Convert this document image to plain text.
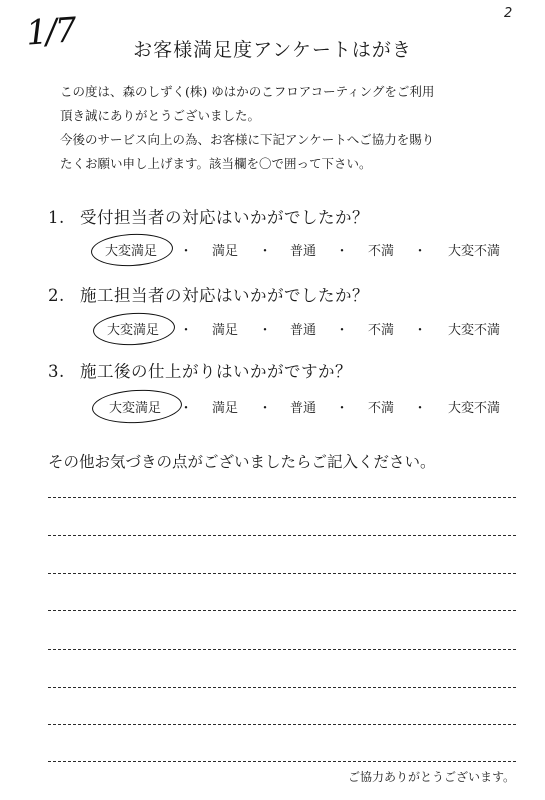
1/7	2
お客様満足度アンケートはがき
この度は、森のしずく(株) ゆはかのこフロアコーティングをご利用
頂き誠にありがとうございました。
今後のサービス向上の為、お客様に下記アンケートへご協力を賜り
たくお願い申し上げます。該当欄を〇で囲って下さい。
1. 受付担当者の対応はいかがでしたか？
大変満足 ・ 満足 ・ 普通 ・ 不満 ・ 大変不満
2. 施工担当者の対応はいかがでしたか？
大変満足 ・ 満足 ・ 普通 ・ 不満 ・ 大変不満
3. 施工後の仕上がりはいかがですか？
大変満足 ・ 満足 ・ 普通 ・ 不満 ・ 大変不満
その他お気づきの点がございましたらご記入ください。
ご協力ありがとうございます。
